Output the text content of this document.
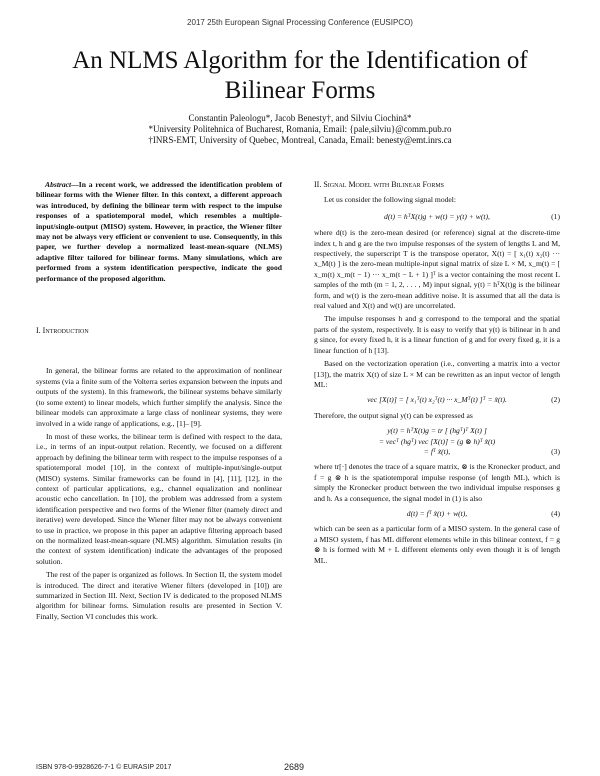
2017 25th European Signal Processing Conference (EUSIPCO)
An NLMS Algorithm for the Identification of Bilinear Forms
Constantin Paleologu*, Jacob Benesty†, and Silviu Ciochină*
*University Politehnica of Bucharest, Romania, Email: {pale,silviu}@comm.pub.ro
†INRS-EMT, University of Quebec, Montreal, Canada, Email: benesty@emt.inrs.ca

Abstract—In a recent work, we addressed the identification problem of bilinear forms with the Wiener filter. In this context, a different approach was introduced, by defining the bilinear term with respect to the impulse responses of a spatiotemporal model, which resembles a multiple-input/single-output (MISO) system. However, in practice, the Wiener filter may not be always very efficient or convenient to use. Consequently, in this paper, we further develop a normalized least-mean-square (NLMS) adaptive filter tailored for bilinear forms. Many simulations, which are performed from a system identification perspective, indicate the good performance of the proposed algorithm.

I. Introduction

In general, the bilinear forms are related to the approximation of nonlinear systems (via a finite sum of the Volterra series expansion between the inputs and outputs of the system). In this framework, the bilinear systems behave similarly (to some extent) to linear models, which further simplify the analysis. Since the bilinear models can approximate a large class of nonlinear systems, they were involved in a wide range of applications, e.g., [1]– [9].

In most of these works, the bilinear term is defined with respect to the data, i.e., in terms of an input-output relation. Recently, we focused on a different approach by defining the bilinear term with respect to the impulse responses of a spatiotemporal model [10], in the context of multiple-input/single-output (MISO) systems. Similar frameworks can be found in [4], [11], [12], in the context of particular applications, e.g., channel equalization and nonlinear acoustic echo cancellation. In [10], the problem was addressed from a system identification perspective and two forms of the Wiener filter (namely direct and iterative) were developed. Since the Wiener filter may not be always convenient to use in practice, we propose in this paper an adaptive filtering approach based on the normalized least-mean-square (NLMS) algorithm. Simulation results (in the context of system identification) indicate the advantages of the proposed solution.

The rest of the paper is organized as follows. In Section II, the system model is introduced. The direct and iterative Wiener filters (developed in [10]) are summarized in Section III. Next, Section IV is dedicated to the proposed NLMS algorithm for bilinear forms. Simulation results are presented in Section V. Finally, Section VI concludes this work.

II. Signal Model with Bilinear Forms

Let us consider the following signal model:

d(t) = hᵀX(t)g + w(t) = y(t) + w(t),	(1)

where d(t) is the zero-mean desired (or reference) signal at the discrete-time index t, h and g are the two impulse responses of the system of lengths L and M, respectively, the superscript T is the transpose operator, X(t) = [ x₁(t) x₂(t) ··· x_M(t) ] is the zero-mean multiple-input signal matrix of size L × M, x_m(t) = [ x_m(t) x_m(t − 1) ··· x_m(t − L + 1) ]ᵀ is a vector containing the most recent L samples of the mth (m = 1, 2, . . . , M) input signal, y(t) = hᵀX(t)g is the bilinear form, and w(t) is the zero-mean additive noise. It is assumed that all the data is real valued and X(t) and w(t) are uncorrelated.

The impulse responses h and g correspond to the temporal and the spatial parts of the system, respectively. It is easy to verify that y(t) is bilinear in h and g since, for every fixed h, it is a linear function of g and for every fixed g, it is a linear function of h [13].

Based on the vectorization operation (i.e., converting a matrix into a vector [13]), the matrix X(t) of size L × M can be rewritten as an input vector of length ML:

vec [X(t)] = [ x₁ᵀ(t) x₂ᵀ(t) ··· x_Mᵀ(t) ]ᵀ = x̃(t).	(2)

Therefore, the output signal y(t) can be expressed as

y(t) = hᵀX(t)g = tr [ (hgᵀ)ᵀ X(t) ]
= vecᵀ (hgᵀ) vec [X(t)] = (g ⊗ h)ᵀ x̃(t)
= fᵀ x̃(t),	(3)

where tr[·] denotes the trace of a square matrix, ⊗ is the Kronecker product, and f = g ⊗ h is the spatiotemporal impulse response (of length ML), which is simply the Kronecker product between the two individual impulse responses g and h. As a consequence, the signal model in (1) is also

d(t) = fᵀ x̃(t) + w(t),	(4)

which can be seen as a particular form of a MISO system. In the general case of a MISO system, f has ML different elements while in this bilinear context, f = g ⊗ h is formed with M + L different elements only even though it is of length ML.

ISBN 978-0-9928626-7-1 © EURASIP 2017	2689
